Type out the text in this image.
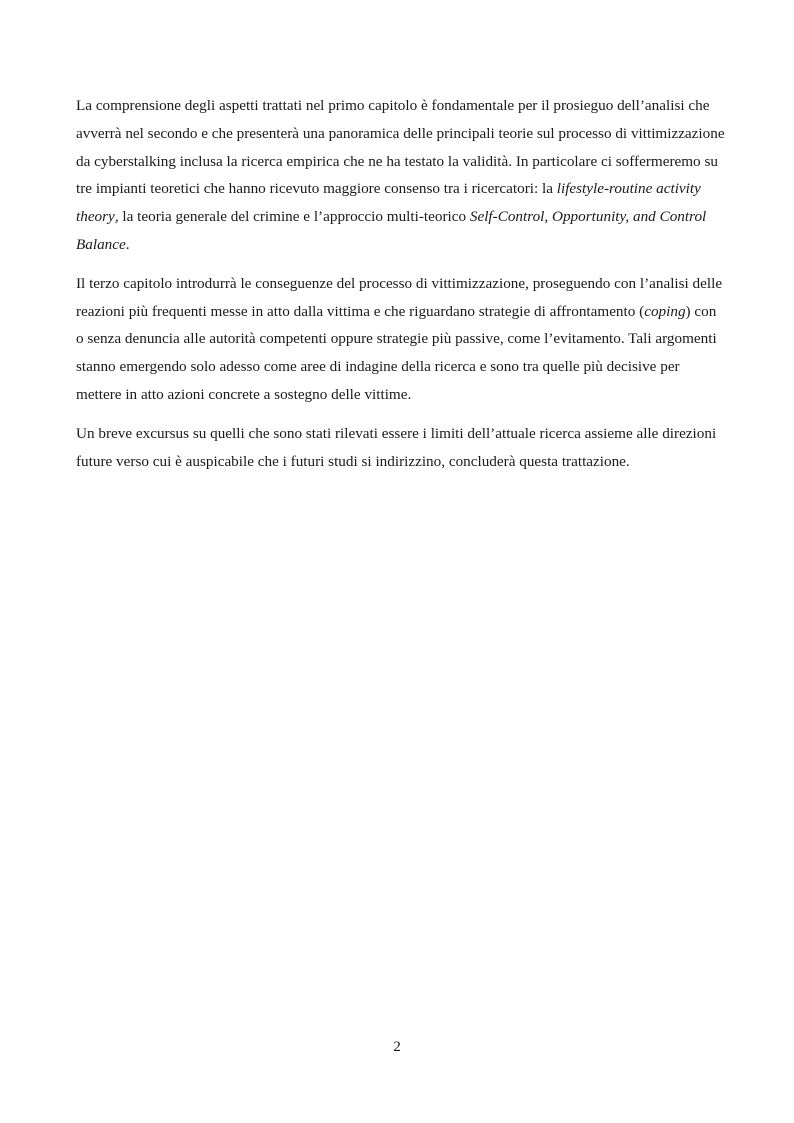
La comprensione degli aspetti trattati nel primo capitolo è fondamentale per il prosieguo dell’analisi che avverrà nel secondo e che presenterà una panoramica delle principali teorie sul processo di vittimizzazione da cyberstalking inclusa la ricerca empirica che ne ha testato la validità. In particolare ci soffermeremo su tre impianti teoretici che hanno ricevuto maggiore consenso tra i ricercatori: la lifestyle-routine activity theory, la teoria generale del crimine e l’approccio multi-teorico Self-Control, Opportunity, and Control Balance.

Il terzo capitolo introdurrà le conseguenze del processo di vittimizzazione, proseguendo con l’analisi delle reazioni più frequenti messe in atto dalla vittima e che riguardano strategie di affrontamento (coping) con o senza denuncia alle autorità competenti oppure strategie più passive, come l’evitamento. Tali argomenti stanno emergendo solo adesso come aree di indagine della ricerca e sono tra quelle più decisive per mettere in atto azioni concrete a sostegno delle vittime.

Un breve excursus su quelli che sono stati rilevati essere i limiti dell’attuale ricerca assieme alle direzioni future verso cui è auspicabile che i futuri studi si indirizzino, concluderà questa trattazione.

2
